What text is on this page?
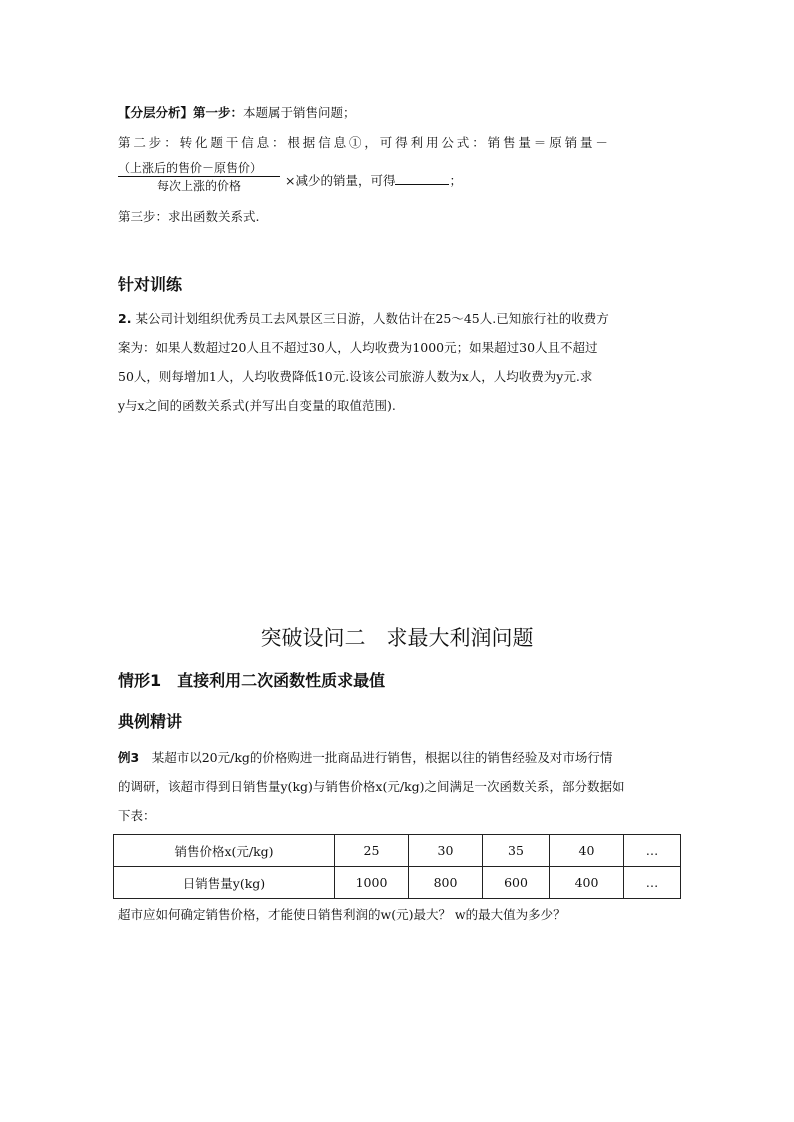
【分层分析】第一步：本题属于销售问题；
第二步：转化题干信息：根据信息①，可得利用公式：销售量＝原销量－
（上涨后的售价－原售价）
每次上涨的价格	×减少的销量，可得	；
第三步：求出函数关系式.
针对训练
2. 某公司计划组织优秀员工去风景区三日游，人数估计在25～45人.已知旅行社的收费方
案为：如果人数超过20人且不超过30人，人均收费为1000元；如果超过30人且不超过
50人，则每增加1人，人均收费降低10元.设该公司旅游人数为x人，人均收费为y元.求
y与x之间的函数关系式(并写出自变量的取值范围).
突破设问二　求最大利润问题
情形1　直接利用二次函数性质求最值
典例精讲
例3　 某超市以20元/kg的价格购进一批商品进行销售，根据以往的销售经验及对市场行情
的调研，该超市得到日销售量y(kg)与销售价格x(元/kg)之间满足一次函数关系，部分数据如
下表：
销售价格x(元/kg)	25	30	35	40	…
日销售量y(kg)	1000	800	600	400	…
超市应如何确定销售价格，才能使日销售利润的w(元)最大？ w的最大值为多少？
